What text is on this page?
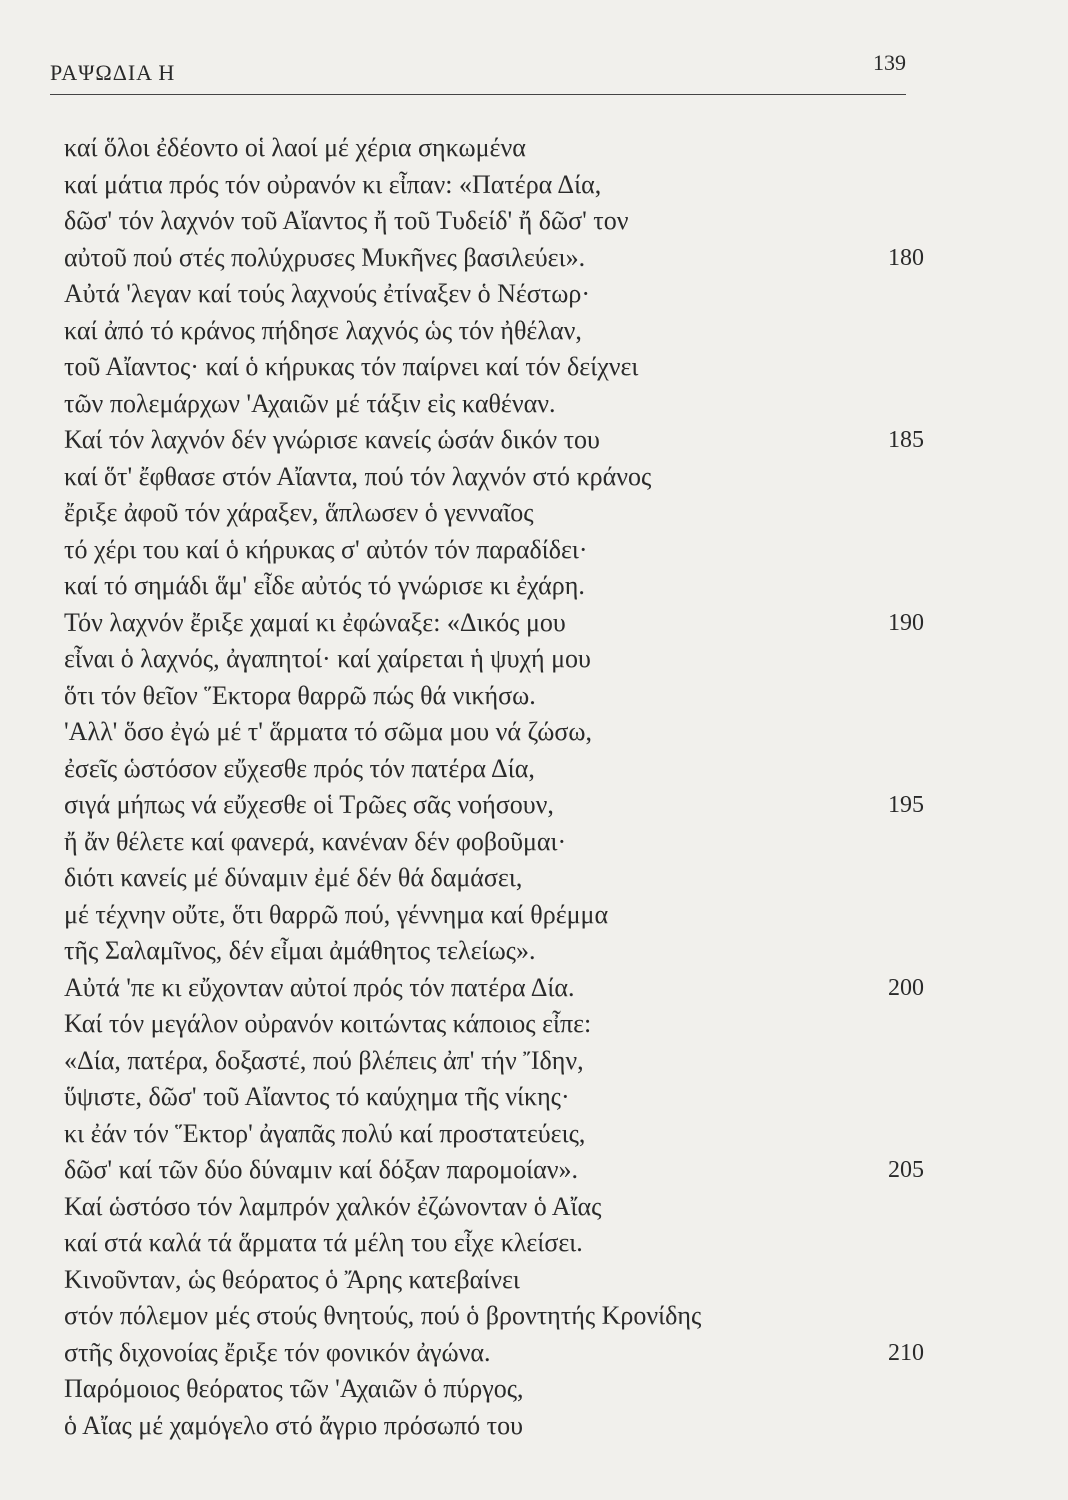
ΡΑΨΩΔΙΑ Η	139
καί ὅλοι ἐδέοντο οἱ λαοί μέ χέρια σηκωμένα
καί μάτια πρός τόν οὐρανόν κι εἶπαν: «Πατέρα Δία,
δῶσ' τόν λαχνόν τοῦ Αἴαντος ἤ τοῦ Τυδείδ' ἤ δῶσ' τον
αὐτοῦ πού στές πολύχρυσες Μυκῆνες βασιλεύει».	180
Αὐτά 'λεγαν καί τούς λαχνούς ἐτίναξεν ὁ Νέστωρ·
καί ἀπό τό κράνος πήδησε λαχνός ὡς τόν ἠθέλαν,
τοῦ Αἴαντος· καί ὁ κήρυκας τόν παίρνει καί τόν δείχνει
τῶν πολεμάρχων 'Αχαιῶν μέ τάξιν εἰς καθέναν.
Καί τόν λαχνόν δέν γνώρισε κανείς ὡσάν δικόν του	185
καί ὅτ' ἔφθασε στόν Αἴαντα, πού τόν λαχνόν στό κράνος
ἔριξε ἀφοῦ τόν χάραξεν, ἅπλωσεν ὁ γενναῖος
τό χέρι του καί ὁ κήρυκας σ' αὐτόν τόν παραδίδει·
καί τό σημάδι ἅμ' εἶδε αὐτός τό γνώρισε κι ἐχάρη.
Τόν λαχνόν ἔριξε χαμαί κι ἐφώναξε: «Δικός μου	190
εἶναι ὁ λαχνός, ἀγαπητοί· καί χαίρεται ἡ ψυχή μου
ὅτι τόν θεῖον Ἕκτορα θαρρῶ πώς θά νικήσω.
'Αλλ' ὅσο ἐγώ μέ τ' ἅρματα τό σῶμα μου νά ζώσω,
ἐσεῖς ὡστόσον εὔχεσθε πρός τόν πατέρα Δία,
σιγά μήπως νά εὔχεσθε οἱ Τρῶες σᾶς νοήσουν,	195
ἤ ἄν θέλετε καί φανερά, κανέναν δέν φοβοῦμαι·
διότι κανείς μέ δύναμιν ἐμέ δέν θά δαμάσει,
μέ τέχνην οὔτε, ὅτι θαρρῶ πού, γέννημα καί θρέμμα
τῆς Σαλαμῖνος, δέν εἶμαι ἀμάθητος τελείως».
Αὐτά 'πε κι εὔχονταν αὐτοί πρός τόν πατέρα Δία.	200
Καί τόν μεγάλον οὐρανόν κοιτώντας κάποιος εἶπε:
«Δία, πατέρα, δοξαστέ, πού βλέπεις ἀπ' τήν Ἴδην,
ὕψιστε, δῶσ' τοῦ Αἴαντος τό καύχημα τῆς νίκης·
κι ἐάν τόν Ἕκτορ' ἀγαπᾶς πολύ καί προστατεύεις,
δῶσ' καί τῶν δύο δύναμιν καί δόξαν παρομοίαν».	205
Καί ὡστόσο τόν λαμπρόν χαλκόν ἐζώνονταν ὁ Αἴας
καί στά καλά τά ἅρματα τά μέλη του εἶχε κλείσει.
Κινοῦνταν, ὡς θεόρατος ὁ Ἄρης κατεβαίνει
στόν πόλεμον μές στούς θνητούς, πού ὁ βροντητής Κρονίδης
στῆς διχονοίας ἔριξε τόν φονικόν ἀγώνα.	210
Παρόμοιος θεόρατος τῶν 'Αχαιῶν ὁ πύργος,
ὁ Αἴας μέ χαμόγελο στό ἄγριο πρόσωπό του
